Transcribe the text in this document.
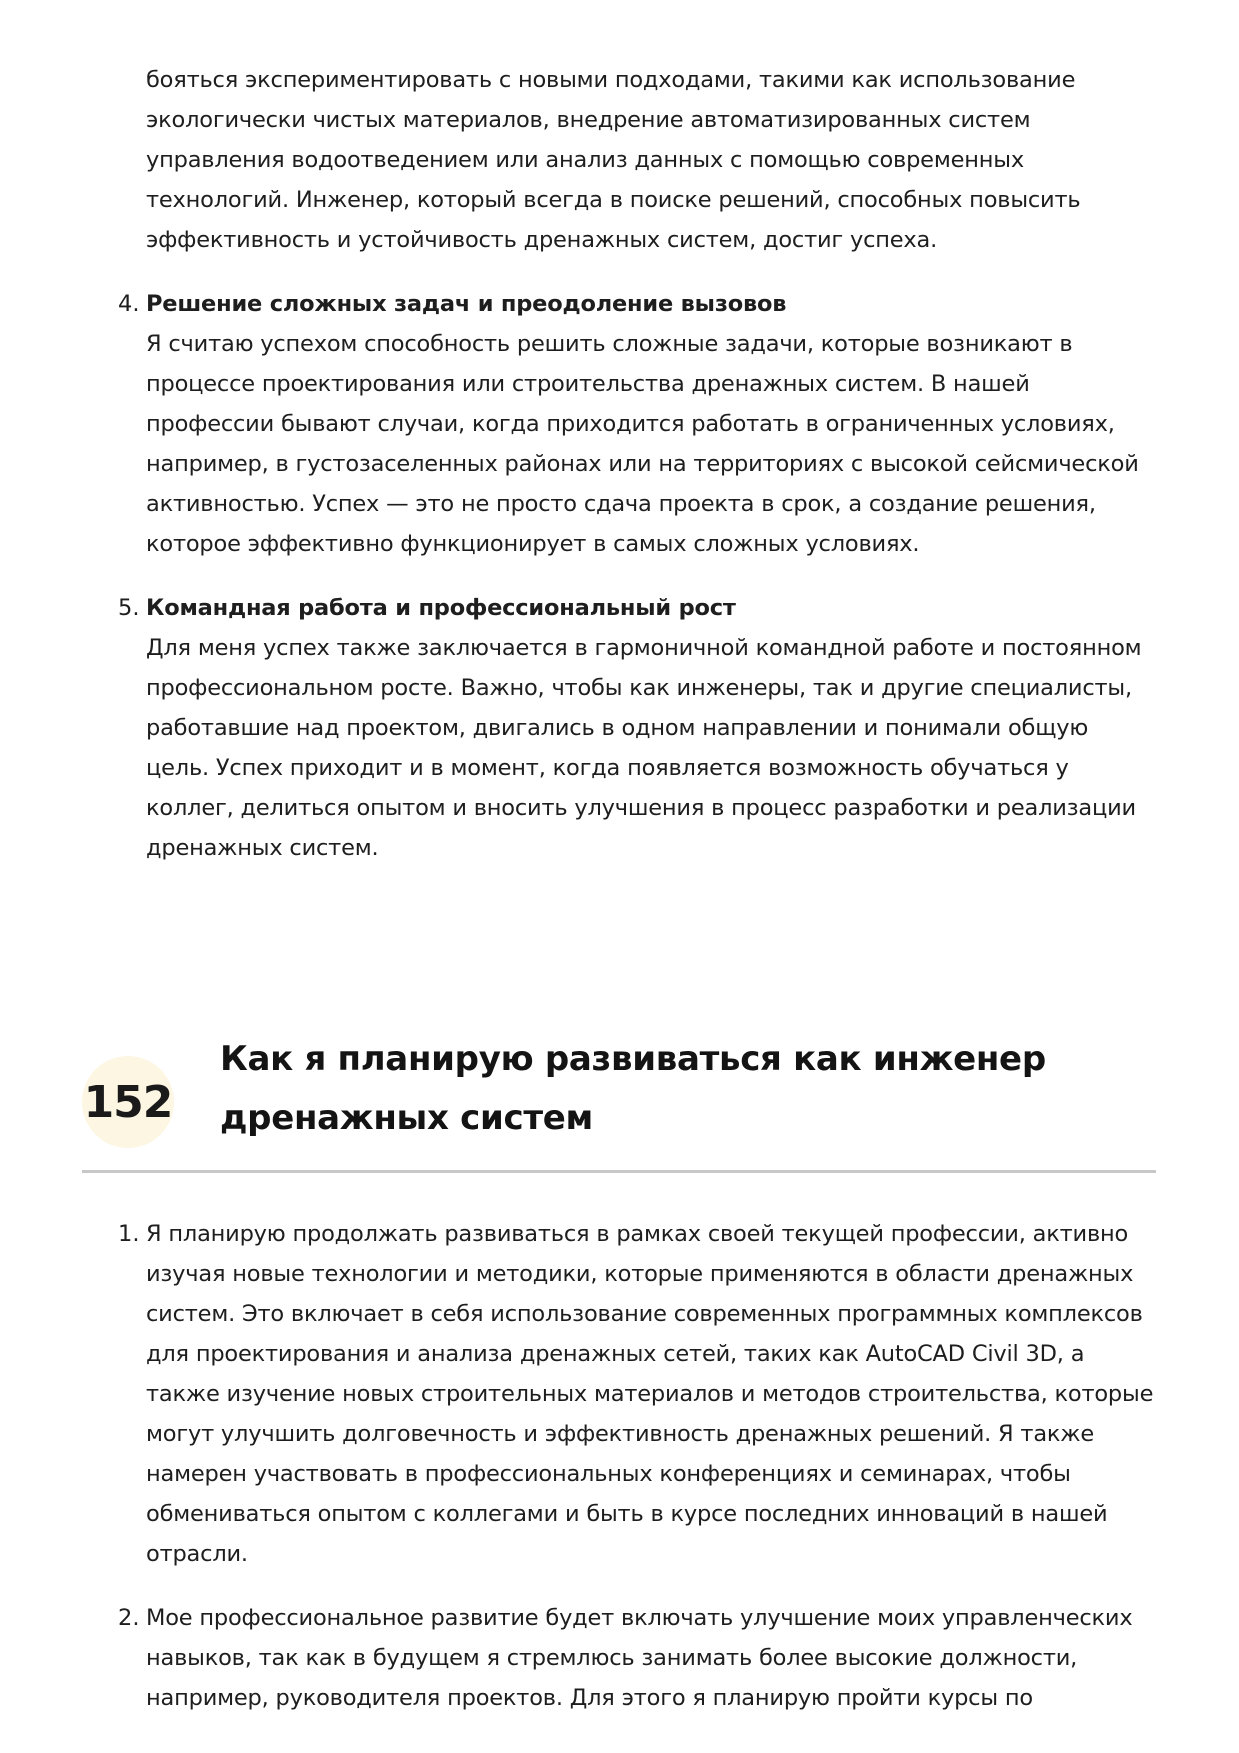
бояться экспериментировать с новыми подходами, такими как использование экологически чистых материалов, внедрение автоматизированных систем управления водоотведением или анализ данных с помощью современных технологий. Инженер, который всегда в поиске решений, способных повысить эффективность и устойчивость дренажных систем, достиг успеха.

4. Решение сложных задач и преодоление вызовов

Я считаю успехом способность решить сложные задачи, которые возникают в процессе проектирования или строительства дренажных систем. В нашей профессии бывают случаи, когда приходится работать в ограниченных условиях, например, в густозаселенных районах или на территориях с высокой сейсмической активностью. Успех — это не просто сдача проекта в срок, а создание решения, которое эффективно функционирует в самых сложных условиях.

5. Командная работа и профессиональный рост

Для меня успех также заключается в гармоничной командной работе и постоянном профессиональном росте. Важно, чтобы как инженеры, так и другие специалисты, работавшие над проектом, двигались в одном направлении и понимали общую цель. Успех приходит и в момент, когда появляется возможность обучаться у коллег, делиться опытом и вносить улучшения в процесс разработки и реализации дренажных систем.

152
Как я планирую развиваться как инженер дренажных систем
1. Я планирую продолжать развиваться в рамках своей текущей профессии, активно изучая новые технологии и методики, которые применяются в области дренажных систем. Это включает в себя использование современных программных комплексов для проектирования и анализа дренажных сетей, таких как AutoCAD Civil 3D, а также изучение новых строительных материалов и методов строительства, которые могут улучшить долговечность и эффективность дренажных решений. Я также намерен участвовать в профессиональных конференциях и семинарах, чтобы обмениваться опытом с коллегами и быть в курсе последних инноваций в нашей отрасли.

2. Мое профессиональное развитие будет включать улучшение моих управленческих навыков, так как в будущем я стремлюсь занимать более высокие должности, например, руководителя проектов. Для этого я планирую пройти курсы по
